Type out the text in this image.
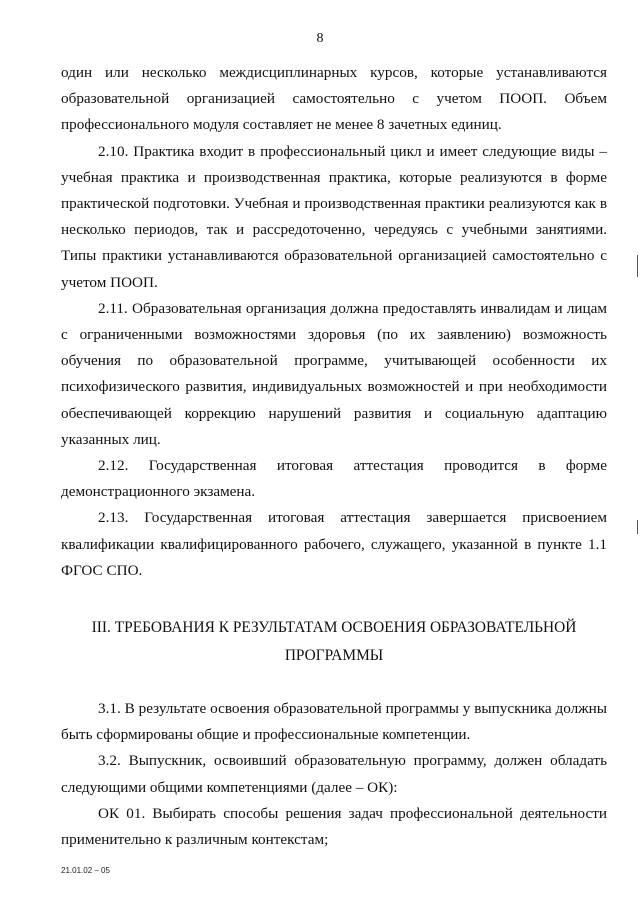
8

один или несколько междисциплинарных курсов, которые устанавливаются образовательной организацией самостоятельно с учетом ПООП. Объем профессионального модуля составляет не менее 8 зачетных единиц.

2.10. Практика входит в профессиональный цикл и имеет следующие виды – учебная практика и производственная практика, которые реализуются в форме практической подготовки. Учебная и производственная практики реализуются как в несколько периодов, так и рассредоточенно, чередуясь с учебными занятиями. Типы практики устанавливаются образовательной организацией самостоятельно с учетом ПООП.

2.11. Образовательная организация должна предоставлять инвалидам и лицам с ограниченными возможностями здоровья (по их заявлению) возможность обучения по образовательной программе, учитывающей особенности их психофизического развития, индивидуальных возможностей и при необходимости обеспечивающей коррекцию нарушений развития и социальную адаптацию указанных лиц.

2.12. Государственная итоговая аттестация проводится в форме демонстрационного экзамена.

2.13. Государственная итоговая аттестация завершается присвоением квалификации квалифицированного рабочего, служащего, указанной в пункте 1.1 ФГОС СПО.

III. ТРЕБОВАНИЯ К РЕЗУЛЬТАТАМ ОСВОЕНИЯ ОБРАЗОВАТЕЛЬНОЙ
ПРОГРАММЫ

3.1. В результате освоения образовательной программы у выпускника должны быть сформированы общие и профессиональные компетенции.

3.2. Выпускник, освоивший образовательную программу, должен обладать следующими общими компетенциями (далее – ОК):

ОК 01. Выбирать способы решения задач профессиональной деятельности применительно к различным контекстам;

21.01.02 – 05
